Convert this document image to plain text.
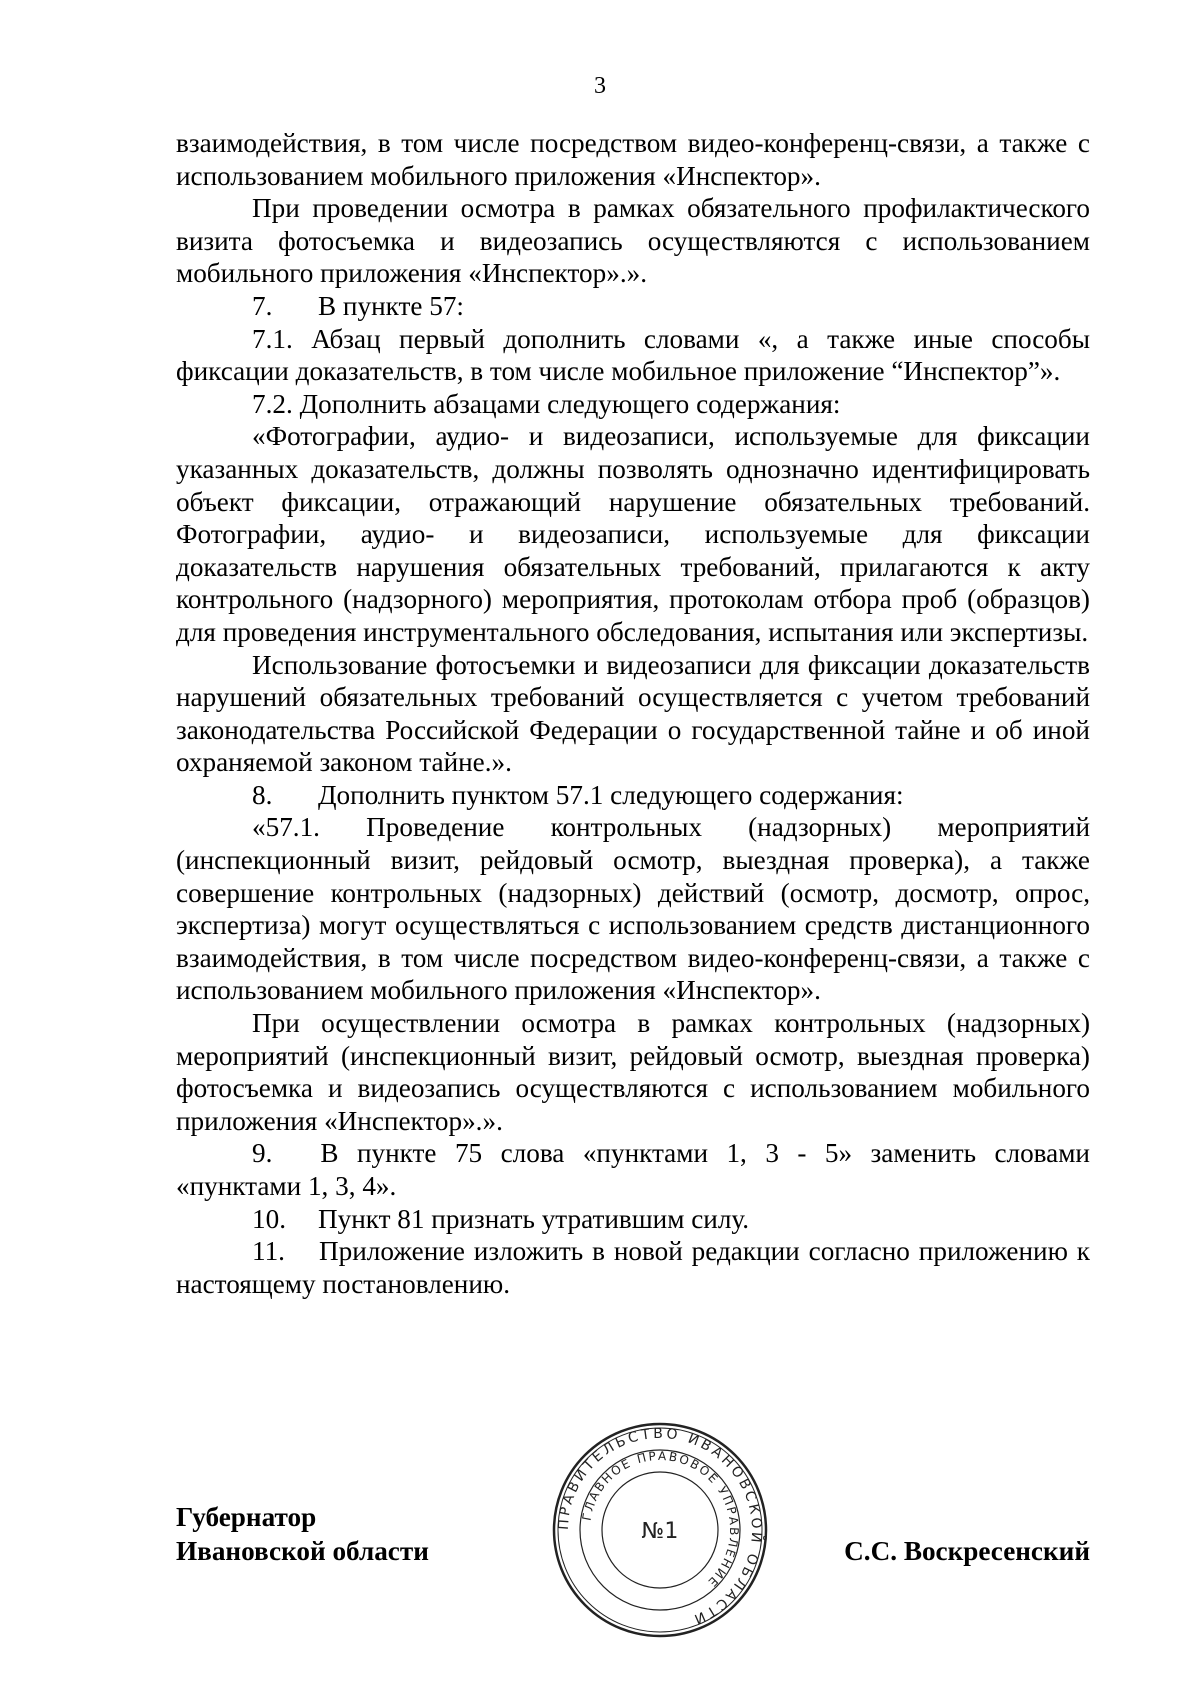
3

взаимодействия, в том числе посредством видео-конференц-связи, а также с использованием мобильного приложения «Инспектор».

При проведении осмотра в рамках обязательного профилактического визита фотосъемка и видеозапись осуществляются с использованием мобильного приложения «Инспектор».».

7. В пункте 57:

7.1. Абзац первый дополнить словами «, а также иные способы фиксации доказательств, в том числе мобильное приложение “Инспектор”».

7.2. Дополнить абзацами следующего содержания:

«Фотографии, аудио- и видеозаписи, используемые для фиксации указанных доказательств, должны позволять однозначно идентифицировать объект фиксации, отражающий нарушение обязательных требований. Фотографии, аудио- и видеозаписи, используемые для фиксации доказательств нарушения обязательных требований, прилагаются к акту контрольного (надзорного) мероприятия, протоколам отбора проб (образцов) для проведения инструментального обследования, испытания или экспертизы.

Использование фотосъемки и видеозаписи для фиксации доказательств нарушений обязательных требований осуществляется с учетом требований законодательства Российской Федерации о государственной тайне и об иной охраняемой законом тайне.».

8. Дополнить пунктом 57.1 следующего содержания:

«57.1. Проведение контрольных (надзорных) мероприятий (инспекционный визит, рейдовый осмотр, выездная проверка), а также совершение контрольных (надзорных) действий (осмотр, досмотр, опрос, экспертиза) могут осуществляться с использованием средств дистанционного взаимодействия, в том числе посредством видео-конференц-связи, а также с использованием мобильного приложения «Инспектор».

При осуществлении осмотра в рамках контрольных (надзорных) мероприятий (инспекционный визит, рейдовый осмотр, выездная проверка) фотосъемка и видеозапись осуществляются с использованием мобильного приложения «Инспектор».».

9. В пункте 75 слова «пунктами 1, 3 - 5» заменить словами «пунктами 1, 3, 4».

10. Пункт 81 признать утратившим силу.

11. Приложение изложить в новой редакции согласно приложению к настоящему постановлению.

Губернатор
Ивановской области	С.С. Воскресенский
ПРАВИТЕЛЬСТВО ИВАНОВСКОЙ ОБЛАСТИ
ГЛАВНОЕ ПРАВОВОЕ УПРАВЛЕНИЕ
№1
